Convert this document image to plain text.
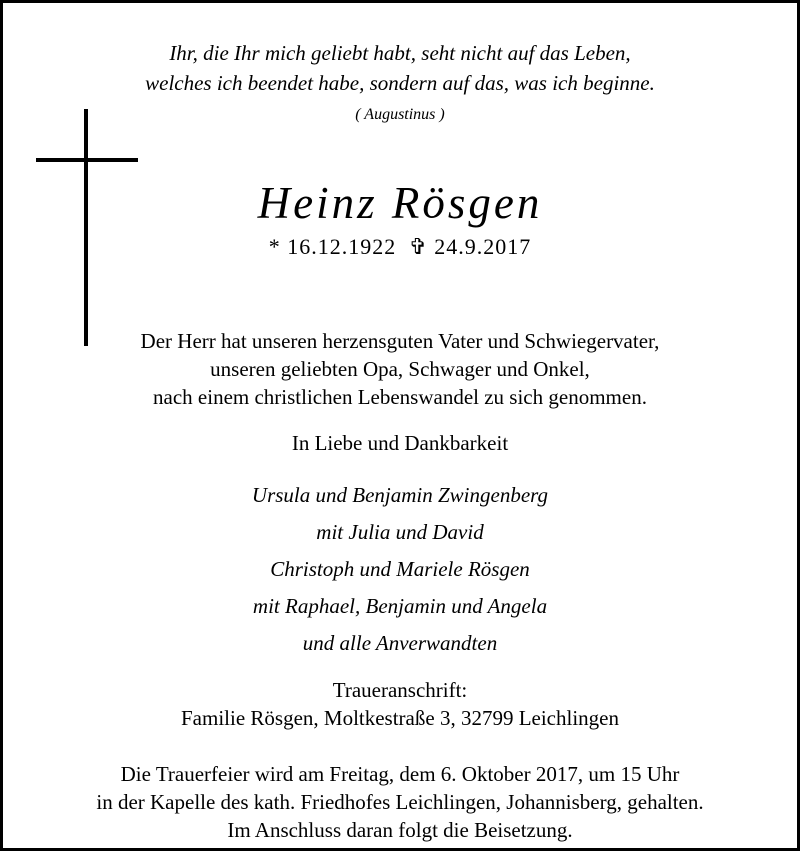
Ihr, die Ihr mich geliebt habt, seht nicht auf das Leben,
welches ich beendet habe, sondern auf das, was ich beginne.
( Augustinus )
Heinz Rösgen
* 16.12.1922 ✞ 24.9.2017
Der Herr hat unseren herzensguten Vater und Schwiegervater,
unseren geliebten Opa, Schwager und Onkel,
nach einem christlichen Lebenswandel zu sich genommen.
In Liebe und Dankbarkeit
Ursula und Benjamin Zwingenberg
mit Julia und David
Christoph und Mariele Rösgen
mit Raphael, Benjamin und Angela
und alle Anverwandten
Traueranschrift:
Familie Rösgen, Moltkestraße 3, 32799 Leichlingen
Die Trauerfeier wird am Freitag, dem 6. Oktober 2017, um 15 Uhr
in der Kapelle des kath. Friedhofes Leichlingen, Johannisberg, gehalten.
Im Anschluss daran folgt die Beisetzung.
